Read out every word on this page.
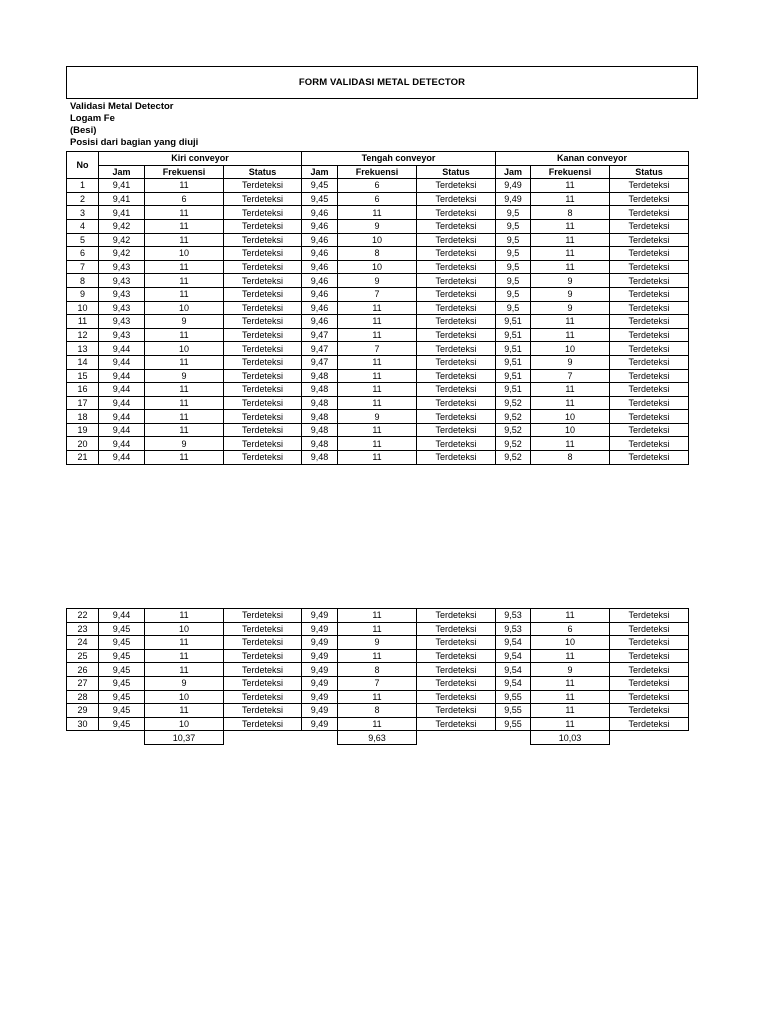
FORM VALIDASI METAL DETECTOR
Validasi Metal Detector
Logam Fe
(Besi)
Posisi dari bagian yang diuji
No	Kiri conveyor			Tengah conveyor			Kanan conveyor		
	Jam	Frekuensi	Status	Jam	Frekuensi	Status	Jam	Frekuensi	Status
1	9,41	11	Terdeteksi	9,45	6	Terdeteksi	9,49	11	Terdeteksi
2	9,41	6	Terdeteksi	9,45	6	Terdeteksi	9,49	11	Terdeteksi
3	9,41	11	Terdeteksi	9,46	11	Terdeteksi	9,5	8	Terdeteksi
4	9,42	11	Terdeteksi	9,46	9	Terdeteksi	9,5	11	Terdeteksi
5	9,42	11	Terdeteksi	9,46	10	Terdeteksi	9,5	11	Terdeteksi
6	9,42	10	Terdeteksi	9,46	8	Terdeteksi	9,5	11	Terdeteksi
7	9,43	11	Terdeteksi	9,46	10	Terdeteksi	9,5	11	Terdeteksi
8	9,43	11	Terdeteksi	9,46	9	Terdeteksi	9,5	9	Terdeteksi
9	9,43	11	Terdeteksi	9,46	7	Terdeteksi	9,5	9	Terdeteksi
10	9,43	10	Terdeteksi	9,46	11	Terdeteksi	9,5	9	Terdeteksi
11	9,43	9	Terdeteksi	9,46	11	Terdeteksi	9,51	11	Terdeteksi
12	9,43	11	Terdeteksi	9,47	11	Terdeteksi	9,51	11	Terdeteksi
13	9,44	10	Terdeteksi	9,47	7	Terdeteksi	9,51	10	Terdeteksi
14	9,44	11	Terdeteksi	9,47	11	Terdeteksi	9,51	9	Terdeteksi
15	9,44	9	Terdeteksi	9,48	11	Terdeteksi	9,51	7	Terdeteksi
16	9,44	11	Terdeteksi	9,48	11	Terdeteksi	9,51	11	Terdeteksi
17	9,44	11	Terdeteksi	9,48	11	Terdeteksi	9,52	11	Terdeteksi
18	9,44	11	Terdeteksi	9,48	9	Terdeteksi	9,52	10	Terdeteksi
19	9,44	11	Terdeteksi	9,48	11	Terdeteksi	9,52	10	Terdeteksi
20	9,44	9	Terdeteksi	9,48	11	Terdeteksi	9,52	11	Terdeteksi
21	9,44	11	Terdeteksi	9,48	11	Terdeteksi	9,52	8	Terdeteksi
22	9,44	11	Terdeteksi	9,49	11	Terdeteksi	9,53	11	Terdeteksi
23	9,45	10	Terdeteksi	9,49	11	Terdeteksi	9,53	6	Terdeteksi
24	9,45	11	Terdeteksi	9,49	9	Terdeteksi	9,54	10	Terdeteksi
25	9,45	11	Terdeteksi	9,49	11	Terdeteksi	9,54	11	Terdeteksi
26	9,45	11	Terdeteksi	9,49	8	Terdeteksi	9,54	9	Terdeteksi
27	9,45	9	Terdeteksi	9,49	7	Terdeteksi	9,54	11	Terdeteksi
28	9,45	10	Terdeteksi	9,49	11	Terdeteksi	9,55	11	Terdeteksi
29	9,45	11	Terdeteksi	9,49	8	Terdeteksi	9,55	11	Terdeteksi
30	9,45	10	Terdeteksi	9,49	11	Terdeteksi	9,55	11	Terdeteksi
		10,37			9,63			10,03	
